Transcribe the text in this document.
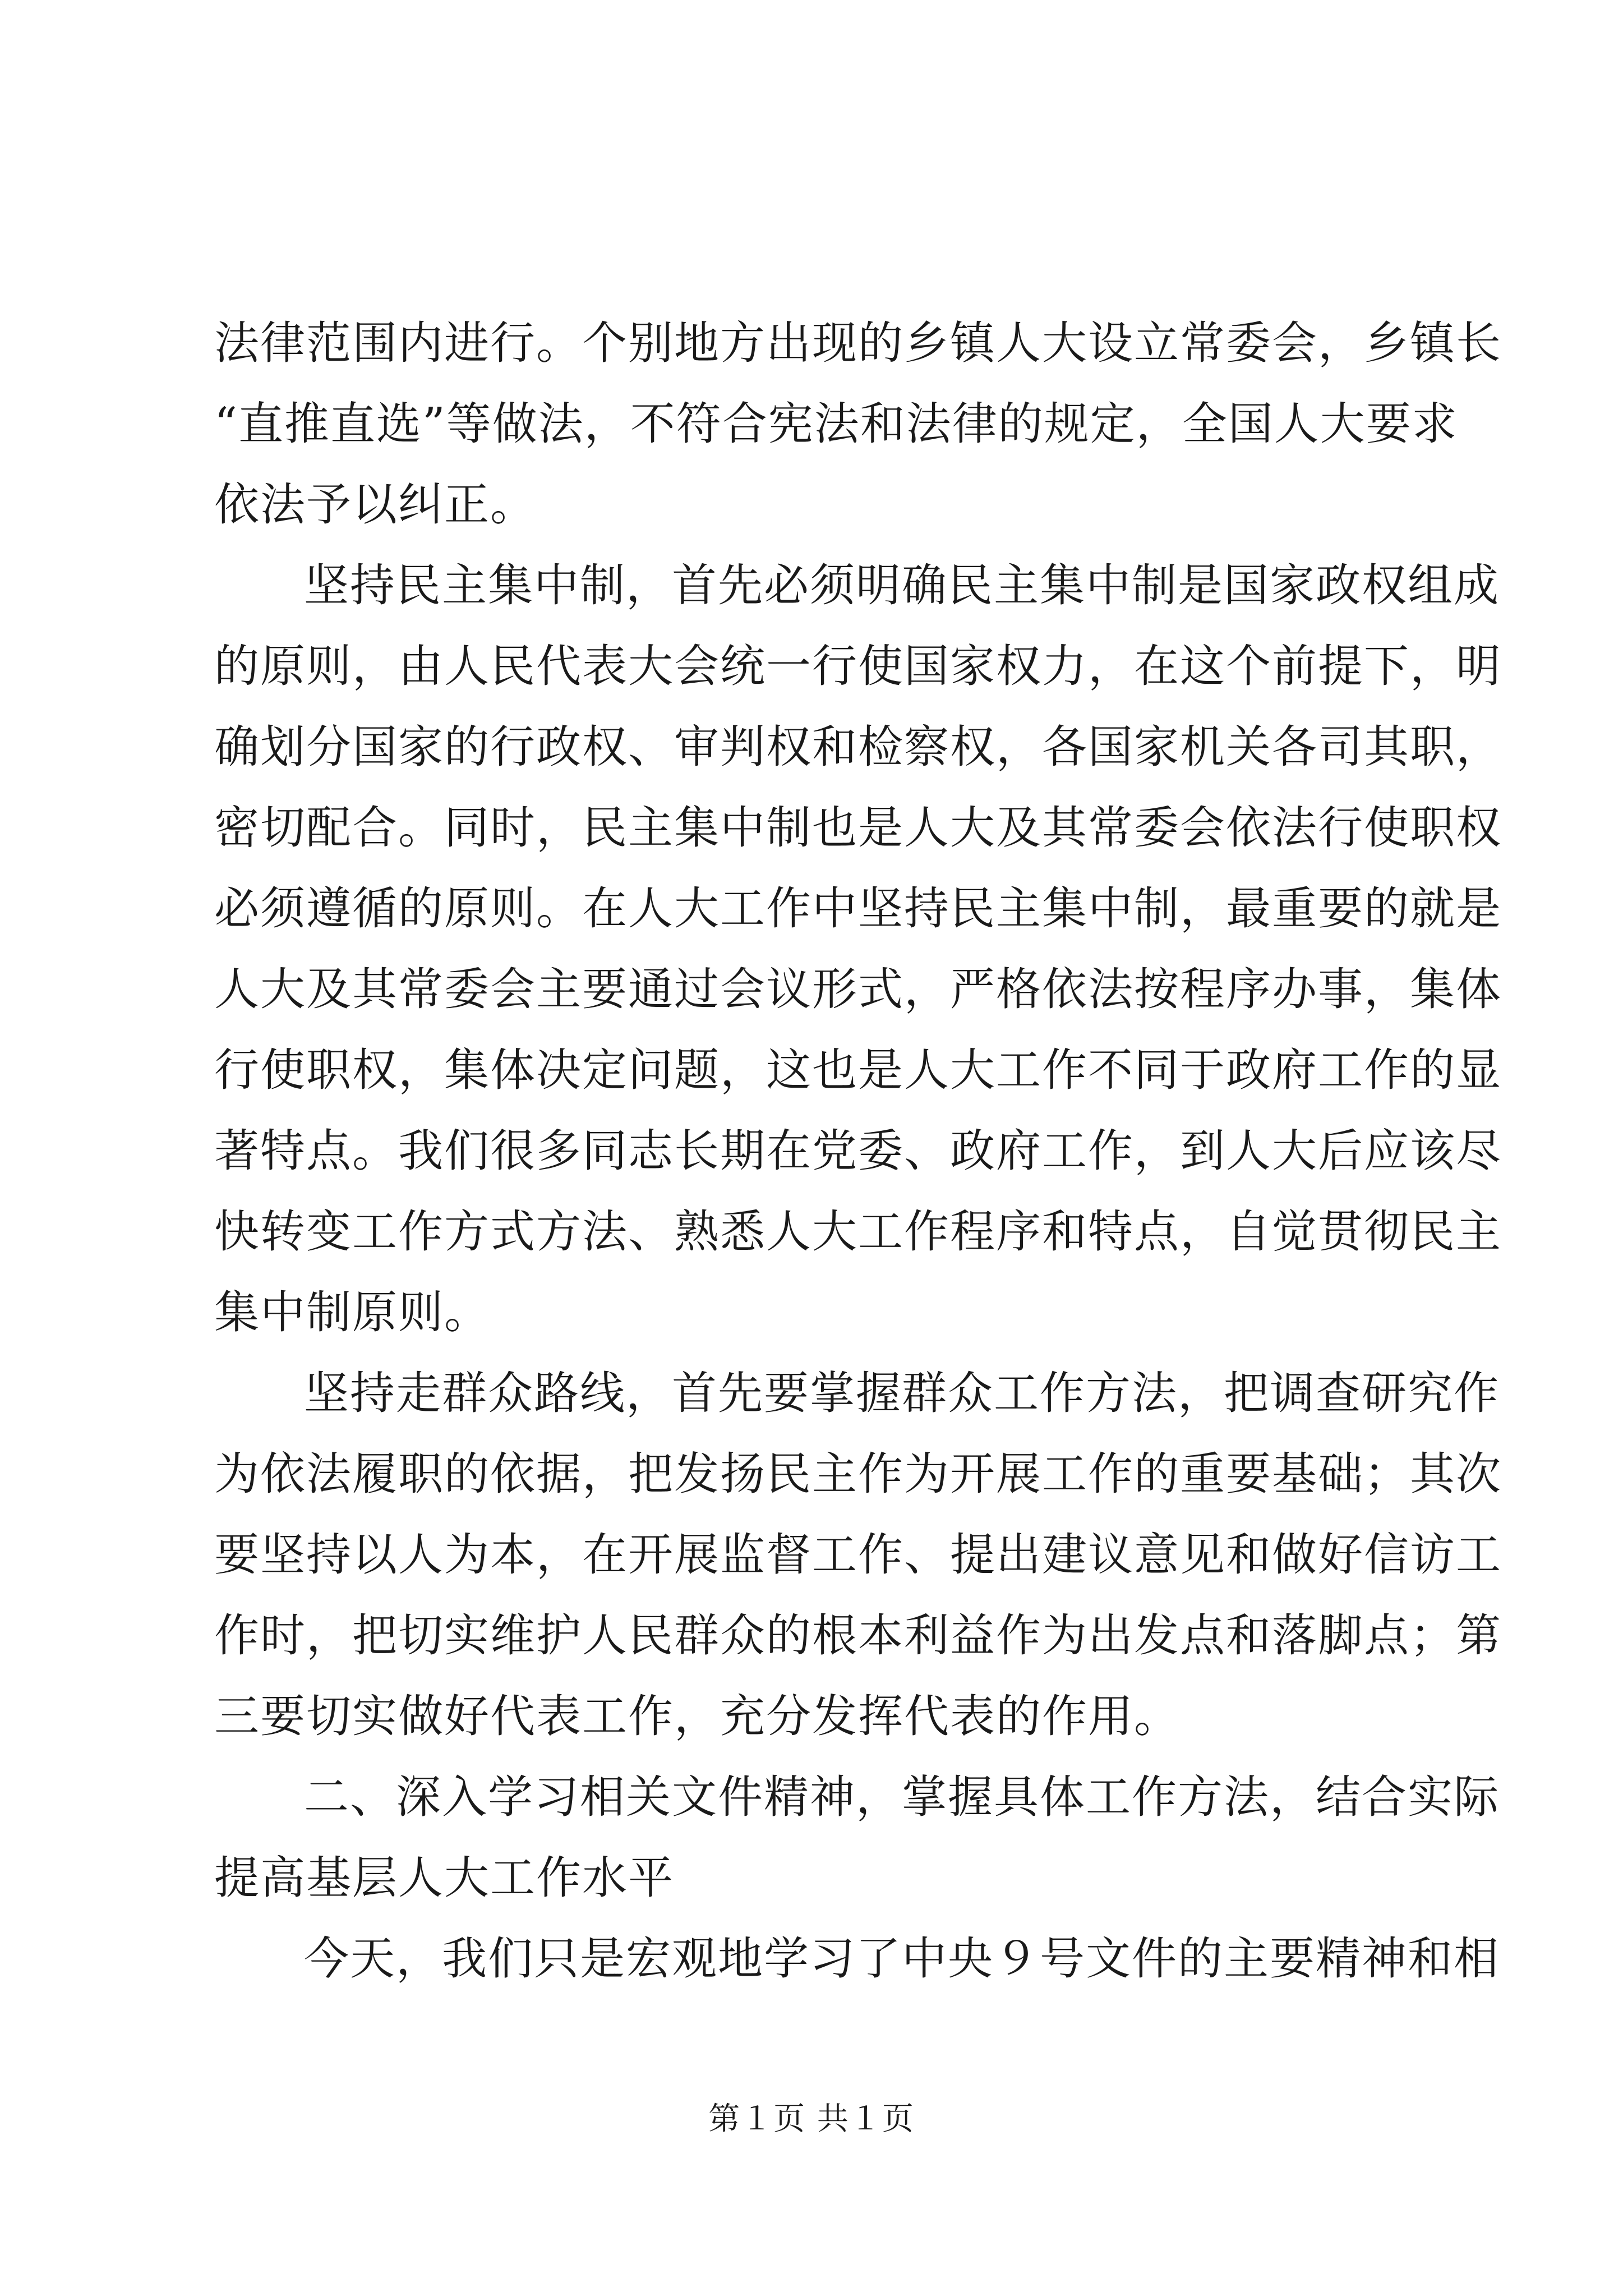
法律范围内进行。个别地方出现的乡镇人大设立常委会，乡镇长
“直推直选”等做法，不符合宪法和法律的规定，全国人大要求
依法予以纠正。

坚持民主集中制，首先必须明确民主集中制是国家政权组成
的原则，由人民代表大会统一行使国家权力，在这个前提下，明
确划分国家的行政权、审判权和检察权，各国家机关各司其职，
密切配合。同时，民主集中制也是人大及其常委会依法行使职权
必须遵循的原则。在人大工作中坚持民主集中制，最重要的就是
人大及其常委会主要通过会议形式，严格依法按程序办事，集体
行使职权，集体决定问题，这也是人大工作不同于政府工作的显
著特点。我们很多同志长期在党委、政府工作，到人大后应该尽
快转变工作方式方法、熟悉人大工作程序和特点，自觉贯彻民主
集中制原则。

坚持走群众路线，首先要掌握群众工作方法，把调查研究作
为依法履职的依据，把发扬民主作为开展工作的重要基础；其次
要坚持以人为本，在开展监督工作、提出建议意见和做好信访工
作时，把切实维护人民群众的根本利益作为出发点和落脚点；第
三要切实做好代表工作，充分发挥代表的作用。

二、深入学习相关文件精神，掌握具体工作方法，结合实际
提高基层人大工作水平

今天，我们只是宏观地学习了中央９号文件的主要精神和相

第１页 共１页
